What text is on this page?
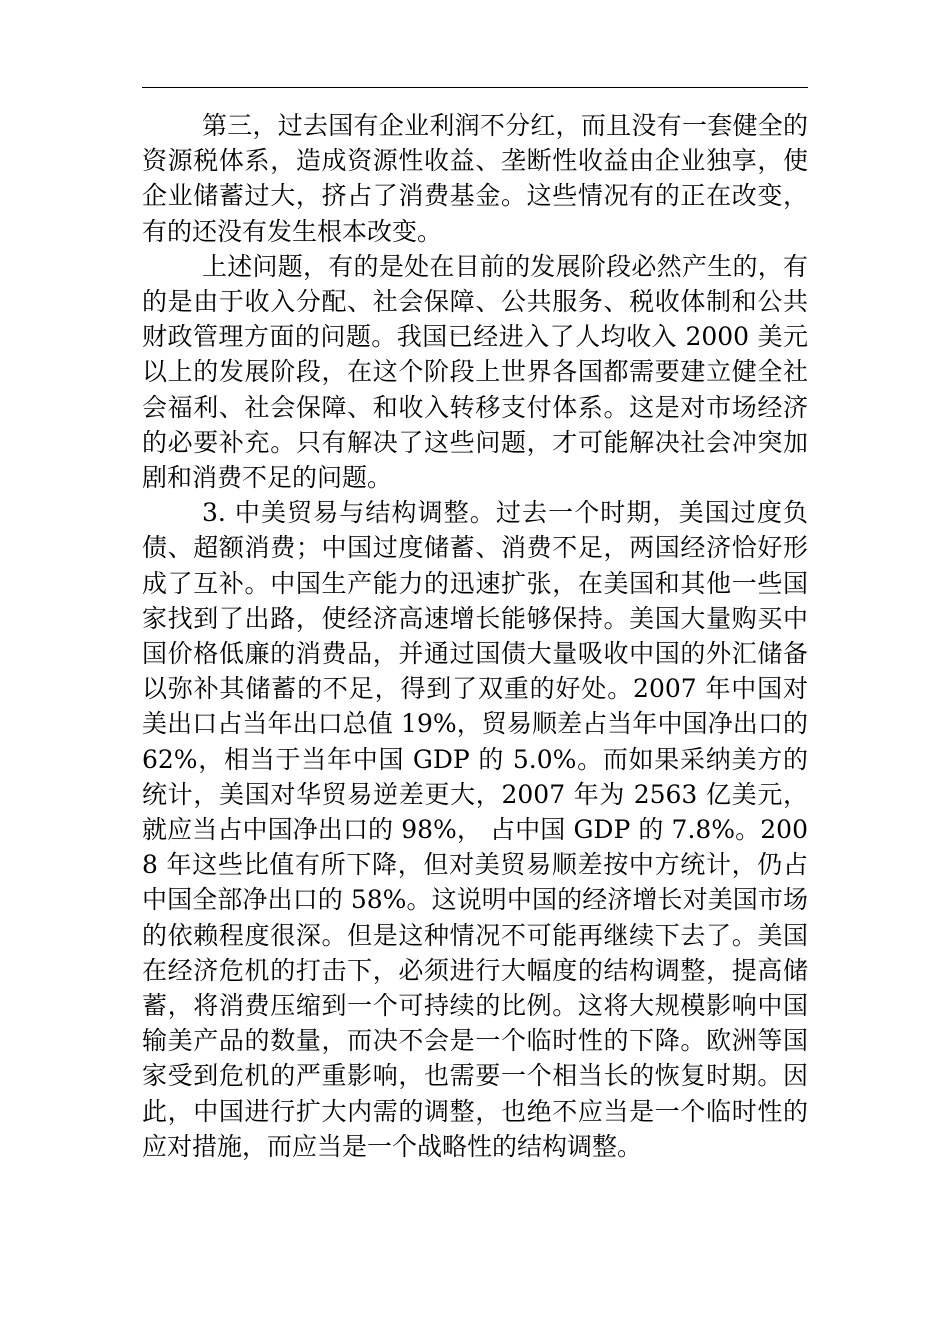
第三，过去国有企业利润不分红，而且没有一套健全的资源税体系，造成资源性收益、垄断性收益由企业独享，使企业储蓄过大，挤占了消费基金。这些情况有的正在改变，有的还没有发生根本改变。

上述问题，有的是处在目前的发展阶段必然产生的，有的是由于收入分配、社会保障、公共服务、税收体制和公共财政管理方面的问题。我国已经进入了人均收入 2000 美元以上的发展阶段，在这个阶段上世界各国都需要建立健全社会福利、社会保障、和收入转移支付体系。这是对市场经济的必要补充。只有解决了这些问题，才可能解决社会冲突加剧和消费不足的问题。

3. 中美贸易与结构调整。过去一个时期，美国过度负债、超额消费；中国过度储蓄、消费不足，两国经济恰好形成了互补。中国生产能力的迅速扩张，在美国和其他一些国家找到了出路，使经济高速增长能够保持。美国大量购买中国价格低廉的消费品，并通过国债大量吸收中国的外汇储备以弥补其储蓄的不足，得到了双重的好处。2007 年中国对美出口占当年出口总值 19%，贸易顺差占当年中国净出口的62%，相当于当年中国 GDP 的 5.0%。而如果采纳美方的统计，美国对华贸易逆差更大，2007 年为 2563 亿美元，就应当占中国净出口的 98%， 占中国 GDP 的 7.8%。2008 年这些比值有所下降，但对美贸易顺差按中方统计，仍占中国全部净出口的 58%。这说明中国的经济增长对美国市场的依赖程度很深。但是这种情况不可能再继续下去了。美国在经济危机的打击下，必须进行大幅度的结构调整，提高储蓄，将消费压缩到一个可持续的比例。这将大规模影响中国输美产品的数量，而决不会是一个临时性的下降。欧洲等国家受到危机的严重影响，也需要一个相当长的恢复时期。因此，中国进行扩大内需的调整，也绝不应当是一个临时性的应对措施，而应当是一个战略性的结构调整。
